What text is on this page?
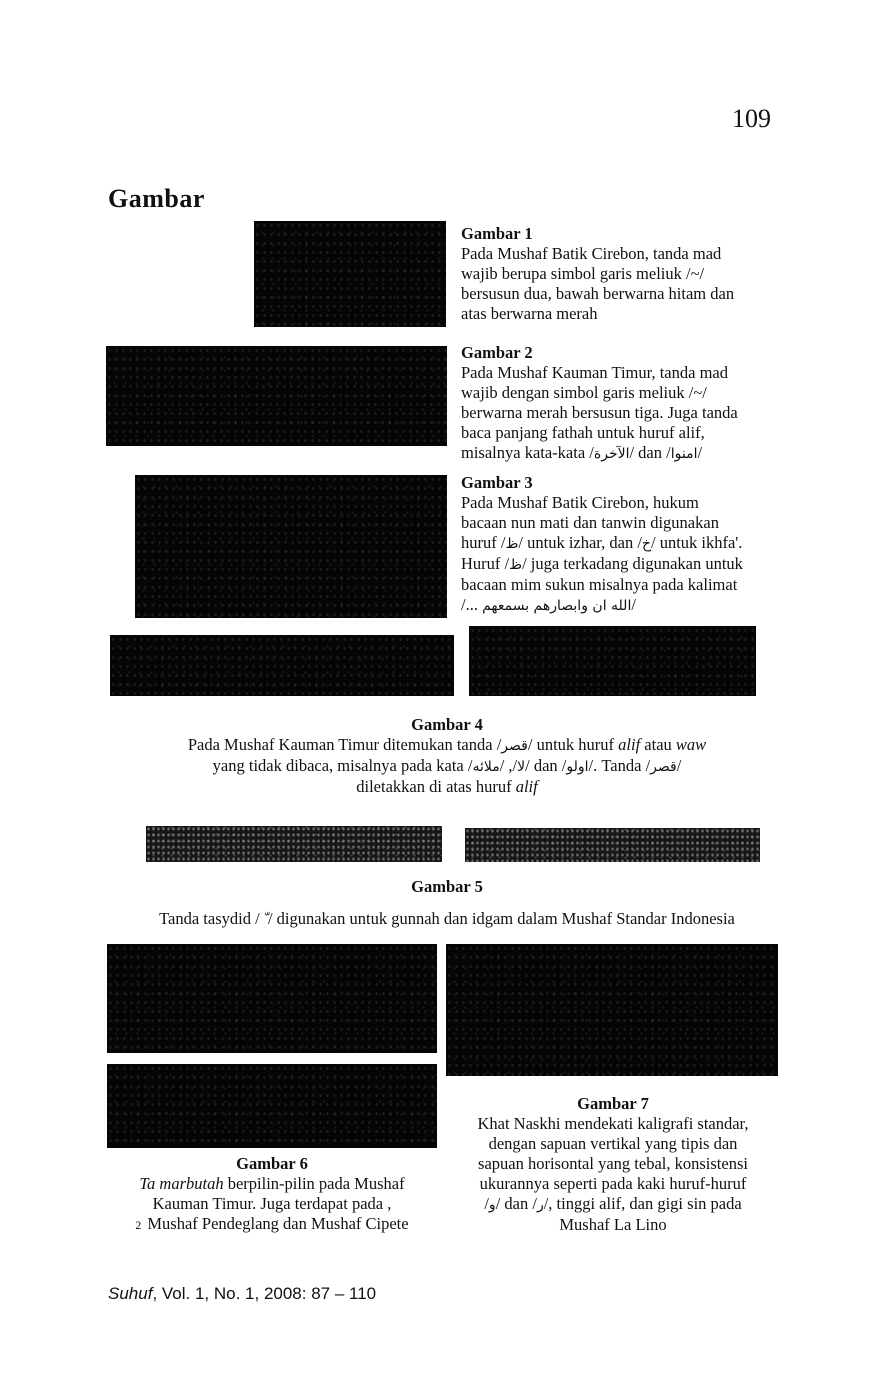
109
Gambar
Gambar 1
Pada Mushaf Batik Cirebon, tanda mad
wajib berupa simbol garis meliuk /~/
bersusun dua, bawah berwarna hitam dan
atas berwarna merah
Gambar 2
Pada Mushaf Kauman Timur, tanda mad
wajib dengan simbol garis meliuk /~/
berwarna merah bersusun tiga. Juga tanda
baca panjang fathah untuk huruf alif,
misalnya kata-kata /الآخرة/ dan /امنوا/
Gambar 3
Pada Mushaf Batik Cirebon, hukum
bacaan nun mati dan tanwin digunakan
huruf /ظ/ untuk izhar, dan /خ/ untuk ikhfa'.
Huruf /ظ/ juga terkadang digunakan untuk
bacaan mim sukun misalnya pada kalimat
/... الله ان وابصارهم بسمعهم/
Gambar 4
Pada Mushaf Kauman Timur ditemukan tanda /قصر/ untuk huruf alif atau waw
yang tidak dibaca, misalnya pada kata /	لا/, /ملائه / dan /اولو/. Tanda /قصر/
diletakkan di atas huruf alif
Gambar 5
Tanda tasydid / / digunakan untuk gunnah dan idgam dalam Mushaf Standar Indonesia
Gambar 6
Ta marbutah berpilin-pilin pada Mushaf
Kauman Timur. Juga terdapat pada ,
2 Mushaf Pendeglang dan Mushaf Cipete
Gambar 7
Khat Naskhi mendekati kaligrafi standar,
dengan sapuan vertikal yang tipis dan
sapuan horisontal yang tebal, konsistensi
ukurannya seperti pada kaki huruf-huruf
/و/ dan /ر/, tinggi alif, dan gigi sin pada
Mushaf La Lino
Suhuf, Vol. 1, No. 1, 2008: 87 – 110
